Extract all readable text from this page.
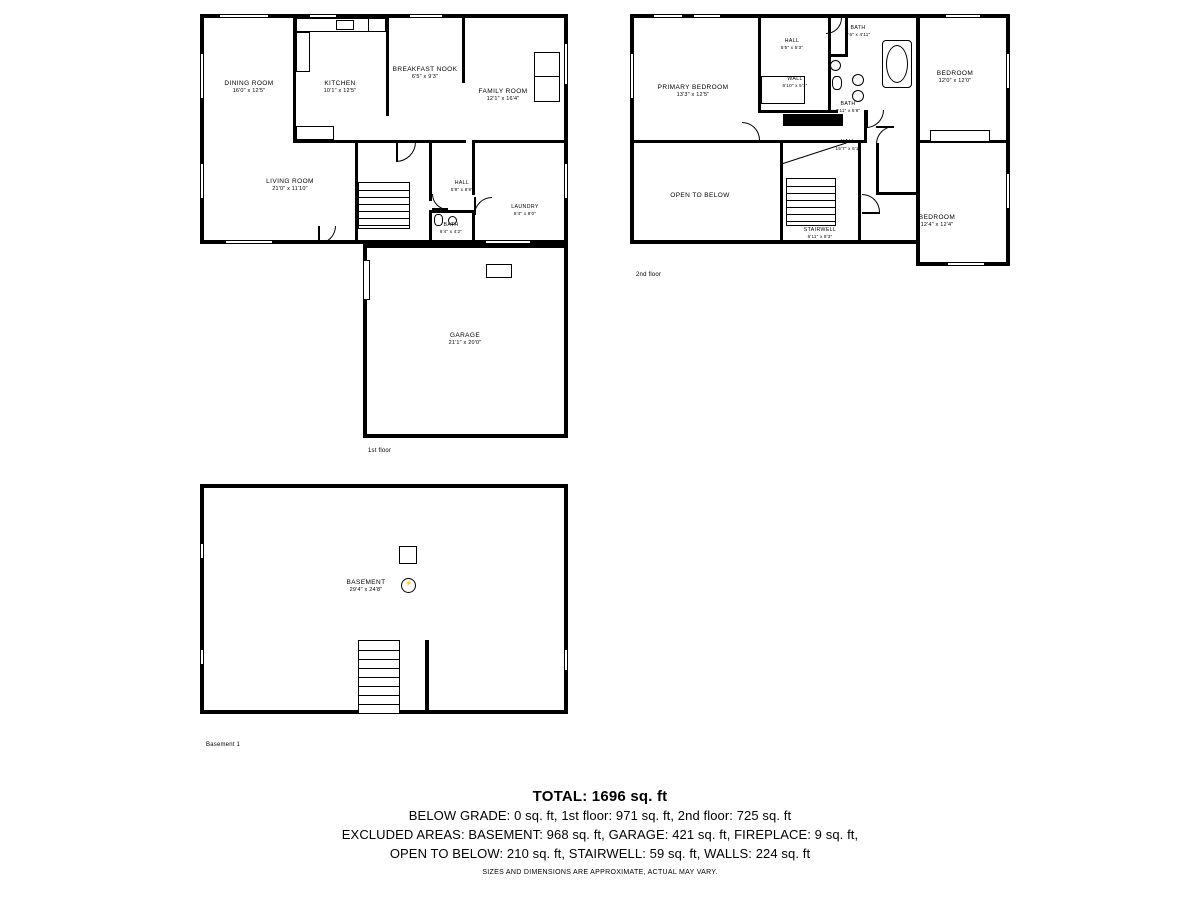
DINING ROOM
16'0" x 12'5"
KITCHEN
10'1" x 12'5"
BREAKFAST NOOK
6'5" x 9'3"
FAMILY ROOM
12'1" x 16'4"
LIVING ROOM
21'0" x 11'10"
HALL
5'8" x 8'8"
LAUNDRY
8'4" x 8'0"
BATH
6'4" x 4'2"
GARAGE
21'1" x 20'0"
1st floor
PRIMARY BEDROOM
13'3" x 12'5"
HALL
5'5" x 5'3"
BATH
9'6" x 4'11"
BEDROOM
12'0" x 12'0"
WALL
6'10" x 5'1"
BATH
7'11" x 5'6"
HALL
15'7" x 6'1"
OPEN TO BELOW
STAIRWELL
6'11" x 8'3"
BEDROOM
12'4" x 12'4"
2nd floor
⚡
BASEMENT
29'4" x 24'8"
Basement 1
TOTAL: 1696 sq. ft
BELOW GRADE: 0 sq. ft, 1st floor: 971 sq. ft, 2nd floor: 725 sq. ft
EXCLUDED AREAS: BASEMENT: 968 sq. ft, GARAGE: 421 sq. ft, FIREPLACE: 9 sq. ft,
OPEN TO BELOW: 210 sq. ft, STAIRWELL: 59 sq. ft, WALLS: 224 sq. ft
SIZES AND DIMENSIONS ARE APPROXIMATE, ACTUAL MAY VARY.
